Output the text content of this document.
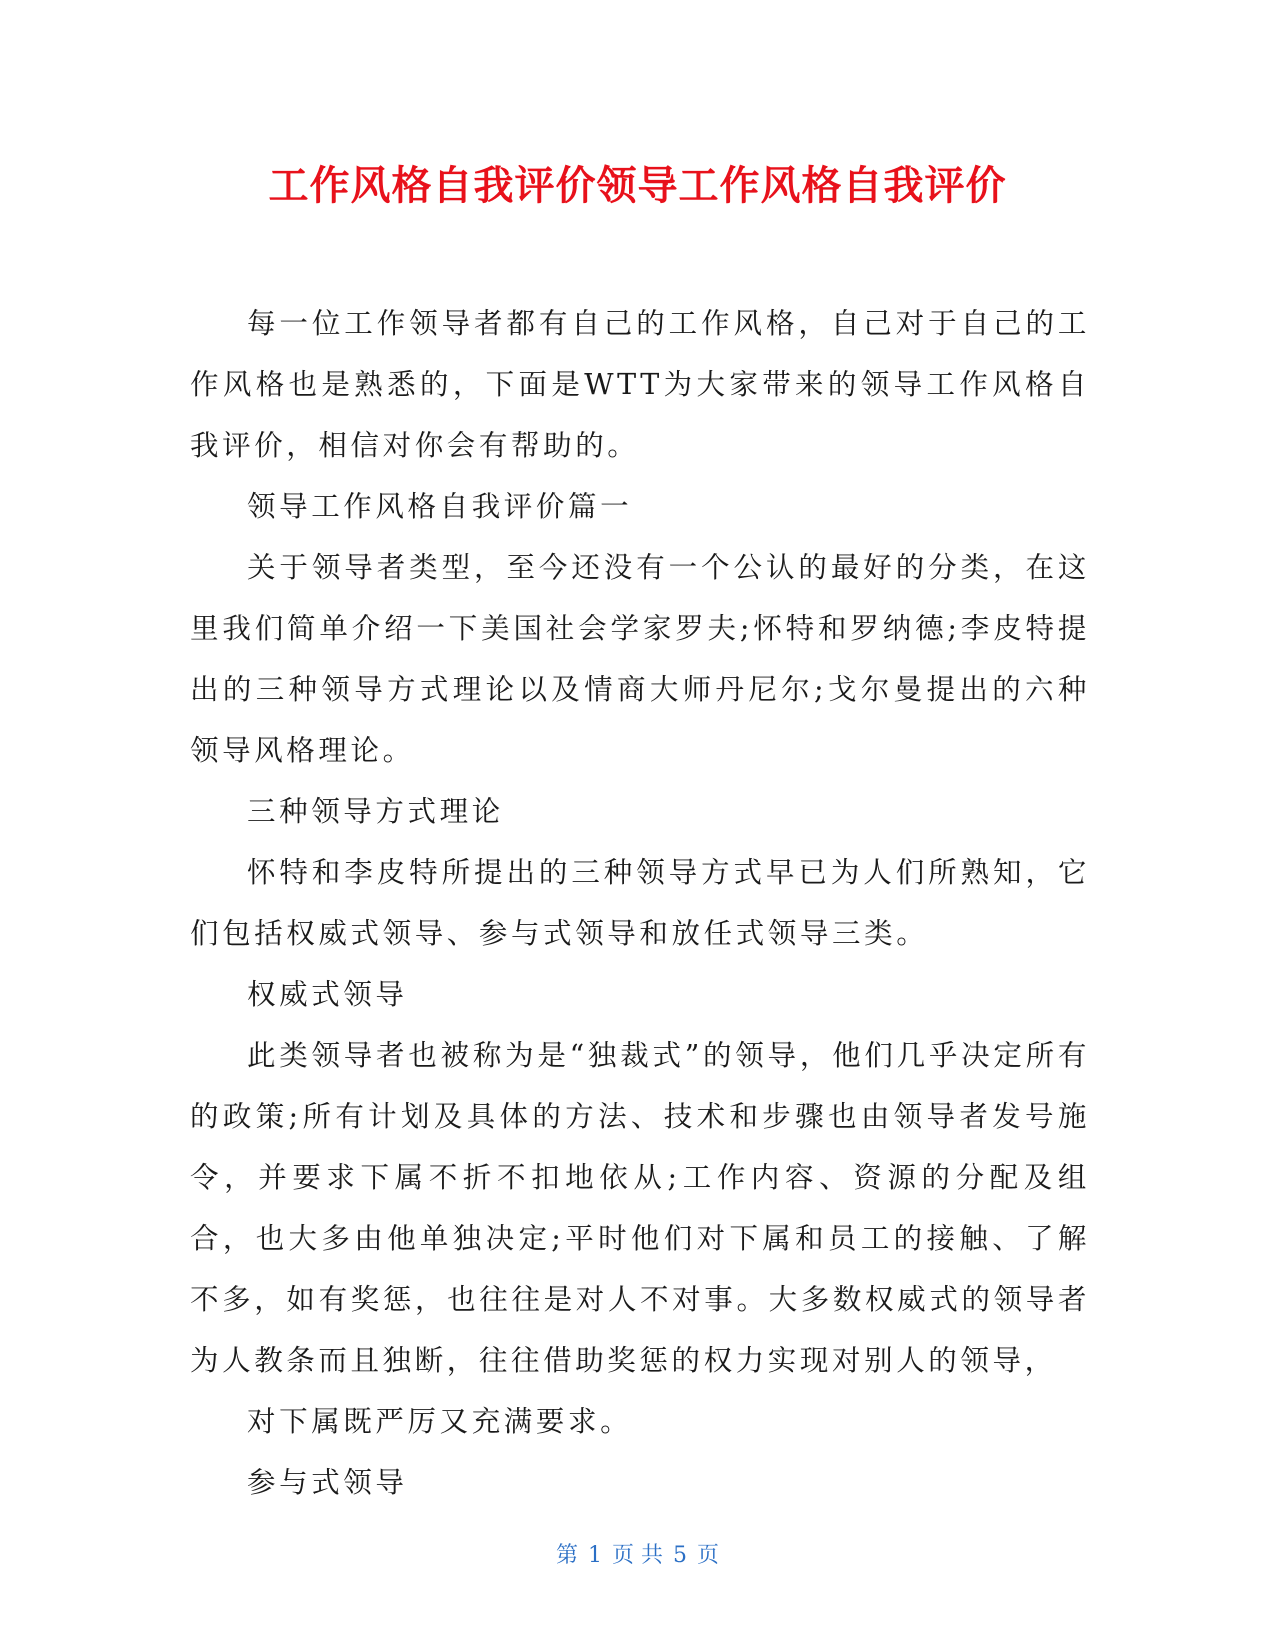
工作风格自我评价领导工作风格自我评价

每一位工作领导者都有自己的工作风格，自己对于自己的工作风格也是熟悉的，下面是WTT为大家带来的领导工作风格自我评价，相信对你会有帮助的。

领导工作风格自我评价篇一

关于领导者类型，至今还没有一个公认的最好的分类，在这里我们简单介绍一下美国社会学家罗夫;怀特和罗纳德;李皮特提出的三种领导方式理论以及情商大师丹尼尔;戈尔曼提出的六种领导风格理论。

三种领导方式理论

怀特和李皮特所提出的三种领导方式早已为人们所熟知，它们包括权威式领导、参与式领导和放任式领导三类。

权威式领导

此类领导者也被称为是“独裁式”的领导，他们几乎决定所有的政策;所有计划及具体的方法、技术和步骤也由领导者发号施令，并要求下属不折不扣地依从;工作内容、资源的分配及组合，也大多由他单独决定;平时他们对下属和员工的接触、了解不多，如有奖惩，也往往是对人不对事。大多数权威式的领导者为人教条而且独断，往往借助奖惩的权力实现对别人的领导，

对下属既严厉又充满要求。

参与式领导

第 1 页 共 5 页
